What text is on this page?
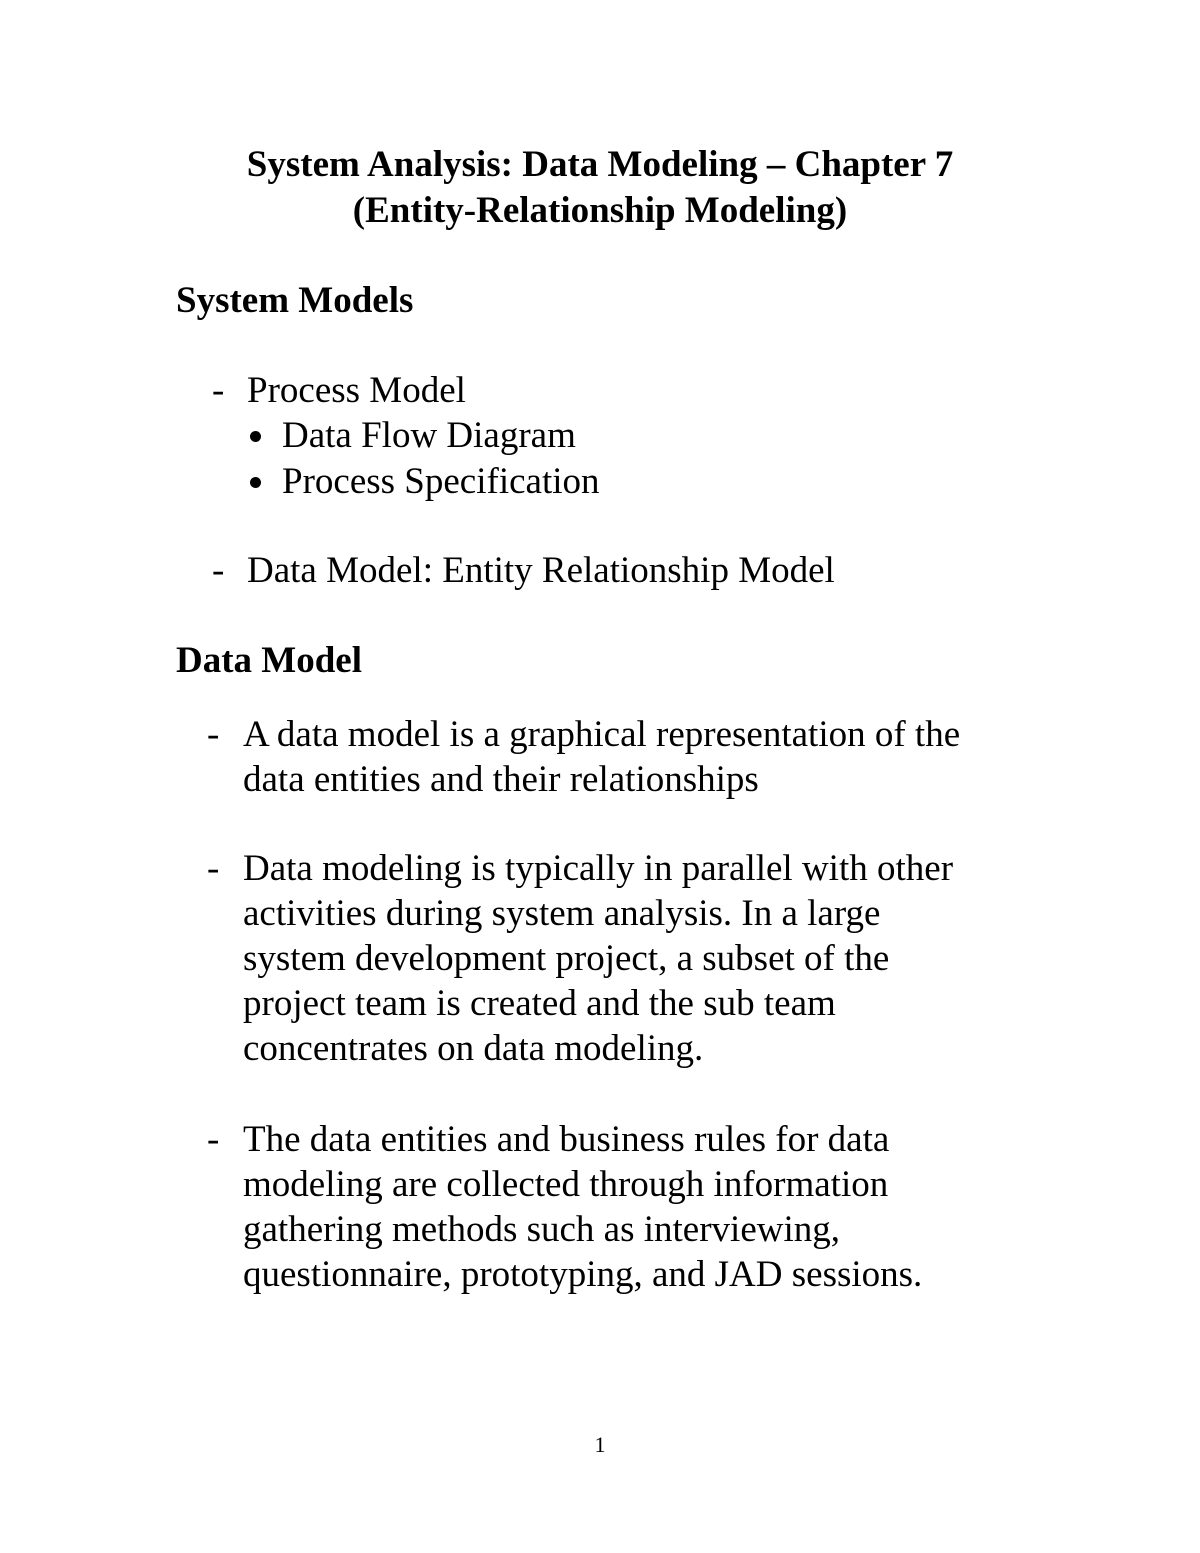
System Analysis: Data Modeling – Chapter 7
(Entity-Relationship Modeling)
System Models
- Process Model
Data Flow Diagram
Process Specification
- Data Model: Entity Relationship Model
Data Model
- A data model is a graphical representation of the
data entities and their relationships
- Data modeling is typically in parallel with other
activities during system analysis. In a large
system development project, a subset of the
project team is created and the sub team
concentrates on data modeling.
- The data entities and business rules for data
modeling are collected through information
gathering methods such as interviewing,
questionnaire, prototyping, and JAD sessions.
1
